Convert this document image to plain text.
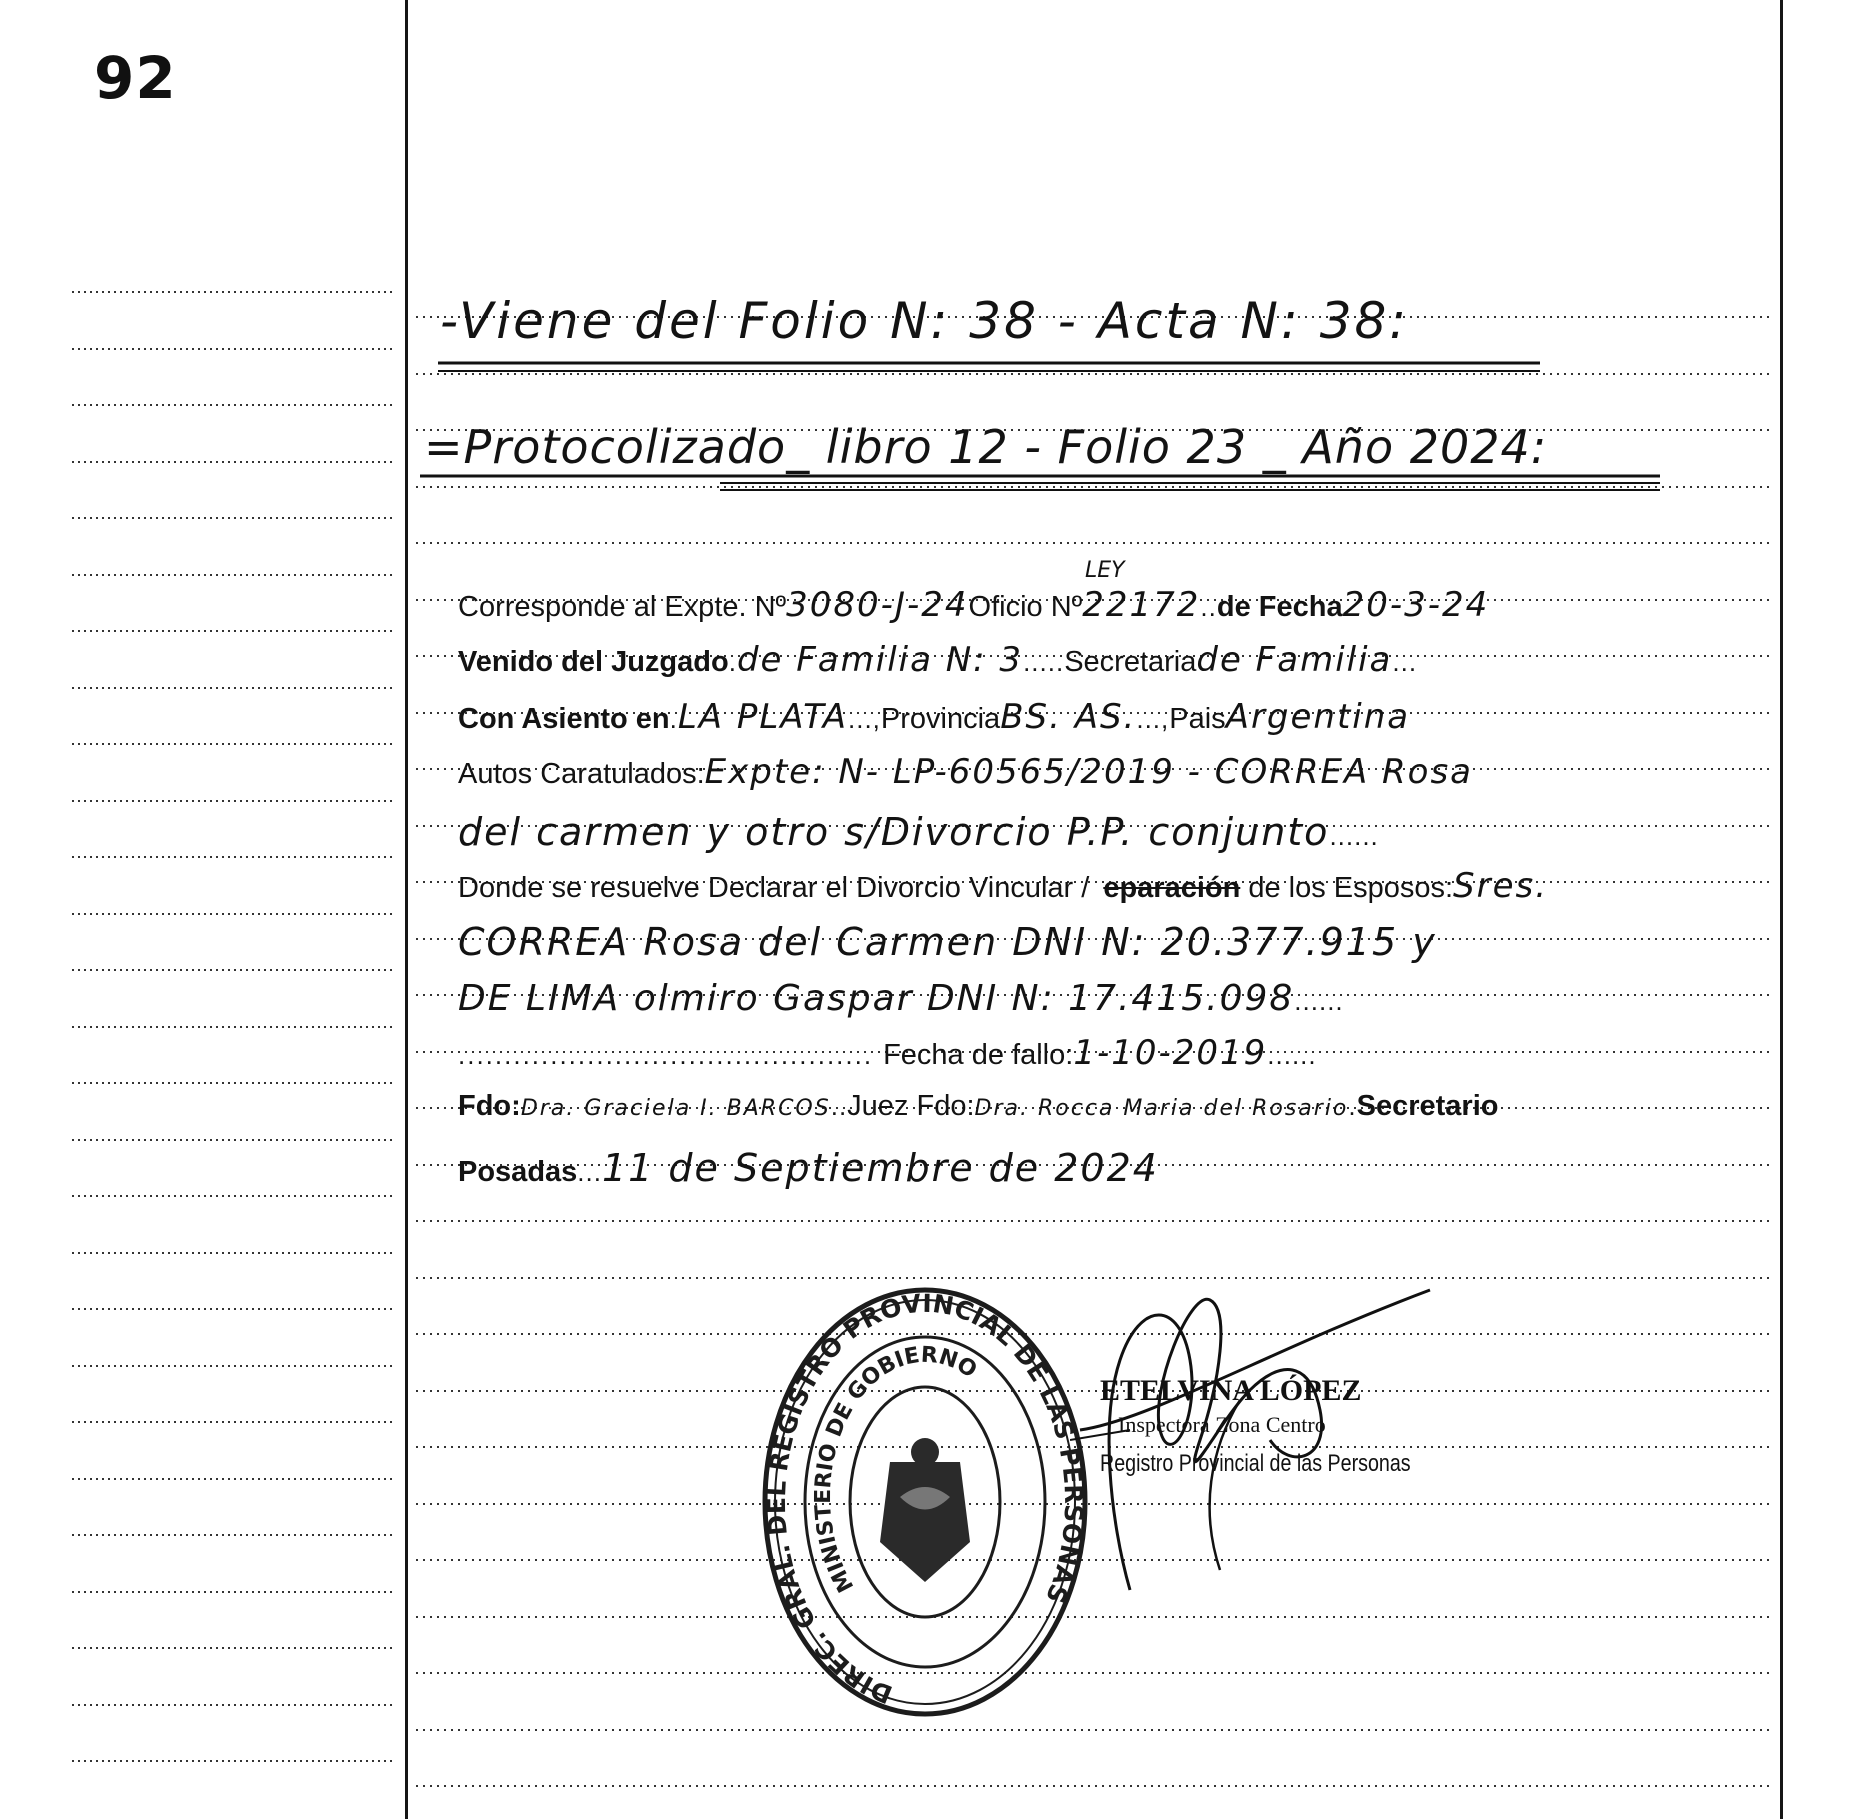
92
-Viene del Folio N: 38 - Acta N: 38:
=Protocolizado_ libro 12 - Folio 23 _ Año 2024:
Corresponde al Expte. Nº 3080-J-24 Oficio Nº 22172 .. de Fecha 20-3-24
LEY
Venido del Juzgado . de Familia N: 3 ..... Secretaria de Familia ...
Con Asiento en . LA PLATA ..., Provincia BS. AS. ..., Pais Argentina
Autos Caratulados: Expte: N- LP-60565/2019 - CORREA Rosa
del carmen y otro s/Divorcio P.P. conjunto ......
Donde se resuelve Declarar el Divorcio Vincular / eparación de los Esposos: Sres.
CORREA Rosa del Carmen DNI N: 20.377.915 y
DE LIMA olmiro Gaspar DNI N: 17.415.098 ......
............................................. Fecha de fallo: 1-10-2019 ......
Fdo: Dra. Graciela I. BARCOS .. Juez Fdo: Dra. Rocca Maria del Rosario . Secretario
Posadas ... 11 de Septiembre de 2024
DIREC. GRAL. DEL REGISTRO PROVINCIAL DE LAS PERSONAS
MINISTERIO DE GOBIERNO
ETELVINA LÓPEZ
Inspectora Zona Centro
Registro Provincial de las Personas
